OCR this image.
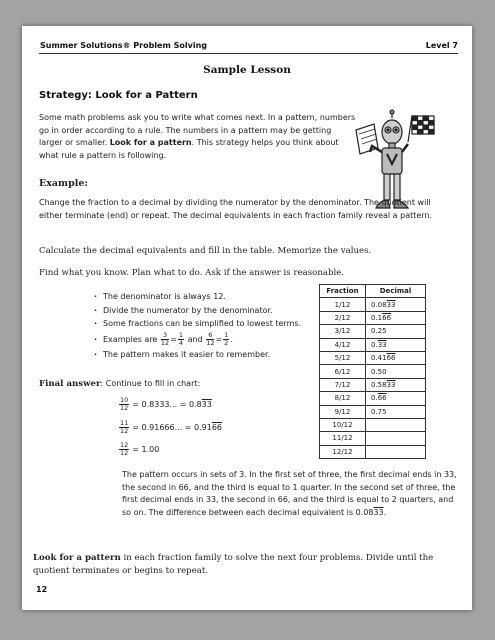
Summer Solutions® Problem Solving	Level 7
Sample Lesson
Strategy: Look for a Pattern
Some math problems ask you to write what comes next. In a pattern, numbers go in order according to a rule. The numbers in a pattern may be getting larger or smaller. Look for a pattern. This strategy helps you think about what rule a pattern is following.
Example:
Change the fraction to a decimal by dividing the numerator by the denominator. The quotient will either terminate (end) or repeat. The decimal equivalents in each fraction family reveal a pattern.
Calculate the decimal equivalents and fill in the table. Memorize the values.
Find what you know. Plan what to do. Ask if the answer is reasonable.
· The denominator is always 12.
· Divide the numerator by the denominator.
· Some fractions can be simplified to lowest terms.
· Examples are $\frac{3}{12} = \frac{1}{4}$ and $\frac{6}{12} = \frac{1}{2}$ .
· The pattern makes it easier to remember.
Fraction	Decimal
1/12	0.0833
2/12	0.166
3/12	0.25
4/12	0.33
5/12	0.4166
6/12	0.50
7/12	0.5833
8/12	0.66
9/12	0.75
10/12	
11/12	
12/12	
Final answer: Continue to fill in chart:
$\frac{10}{12} = 0.8333$... = 0.833
$\frac{11}{12} = 0.91666$... = 0.9166
$\frac{12}{12} = 1.00$
The pattern occurs in sets of 3. In the first set of three, the first decimal ends in 33, the second in 66, and the third is equal to 1 quarter. In the second set of three, the first decimal ends in 33, the second in 66, and the third is equal to 2 quarters, and so on. The difference between each decimal equivalent is 0.0833.
Look for a pattern in each fraction family to solve the next four problems. Divide until the quotient terminates or begins to repeat.
12
